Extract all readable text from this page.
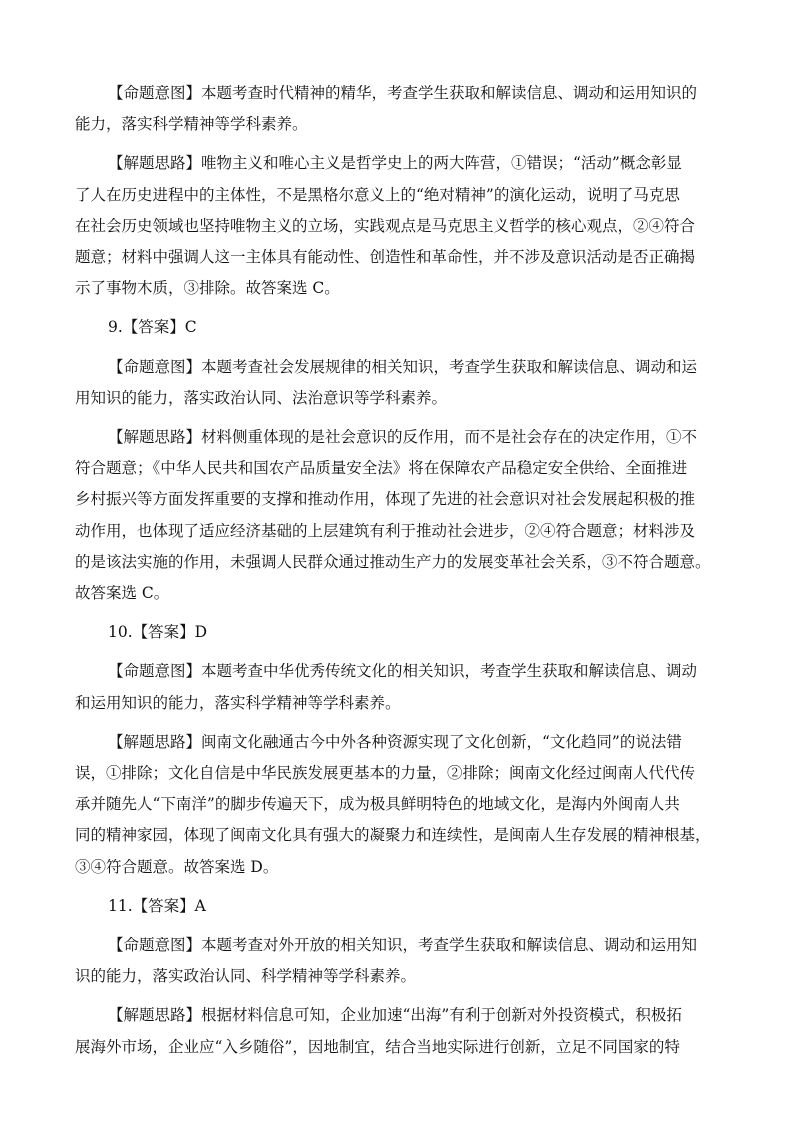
【命题意图】本题考查时代精神的精华，考查学生获取和解读信息、调动和运用知识的
能力，落实科学精神等学科素养。
【解题思路】唯物主义和唯心主义是哲学史上的两大阵营，①错误；“活动”概念彰显
了人在历史进程中的主体性，不是黑格尔意义上的“绝对精神”的演化运动，说明了马克思
在社会历史领域也坚持唯物主义的立场，实践观点是马克思主义哲学的核心观点，②④符合
题意；材料中强调人这一主体具有能动性、创造性和革命性，并不涉及意识活动是否正确揭
示了事物木质，③排除。故答案选 C。
9.【答案】C
【命题意图】本题考查社会发展规律的相关知识，考查学生获取和解读信息、调动和运
用知识的能力，落实政治认同、法治意识等学科素养。
【解题思路】材料侧重体现的是社会意识的反作用，而不是社会存在的决定作用，①不
符合题意；《中华人民共和国农产品质量安全法》将在保障农产品稳定安全供给、全面推进
乡村振兴等方面发挥重要的支撑和推动作用，体现了先进的社会意识对社会发展起积极的推
动作用，也体现了适应经济基础的上层建筑有利于推动社会进步，②④符合题意；材料涉及
的是该法实施的作用，未强调人民群众通过推动生产力的发展变革社会关系，③不符合题意。
故答案选 C。
10.【答案】D
【命题意图】本题考查中华优秀传统文化的相关知识，考查学生获取和解读信息、调动
和运用知识的能力，落实科学精神等学科素养。
【解题思路】闽南文化融通古今中外各种资源实现了文化创新，“文化趋同”的说法错
误，①排除；文化自信是中华民族发展更基本的力量，②排除；闽南文化经过闽南人代代传
承并随先人“下南洋”的脚步传遍天下，成为极具鲜明特色的地域文化，是海内外闽南人共
同的精神家园，体现了闽南文化具有强大的凝聚力和连续性，是闽南人生存发展的精神根基，
③④符合题意。故答案选 D。
11.【答案】A
【命题意图】本题考查对外开放的相关知识，考查学生获取和解读信息、调动和运用知
识的能力，落实政治认同、科学精神等学科素养。
【解题思路】根据材料信息可知，企业加速“出海”有利于创新对外投资模式，积极拓
展海外市场，企业应“入乡随俗”，因地制宜，结合当地实际进行创新，立足不同国家的特
